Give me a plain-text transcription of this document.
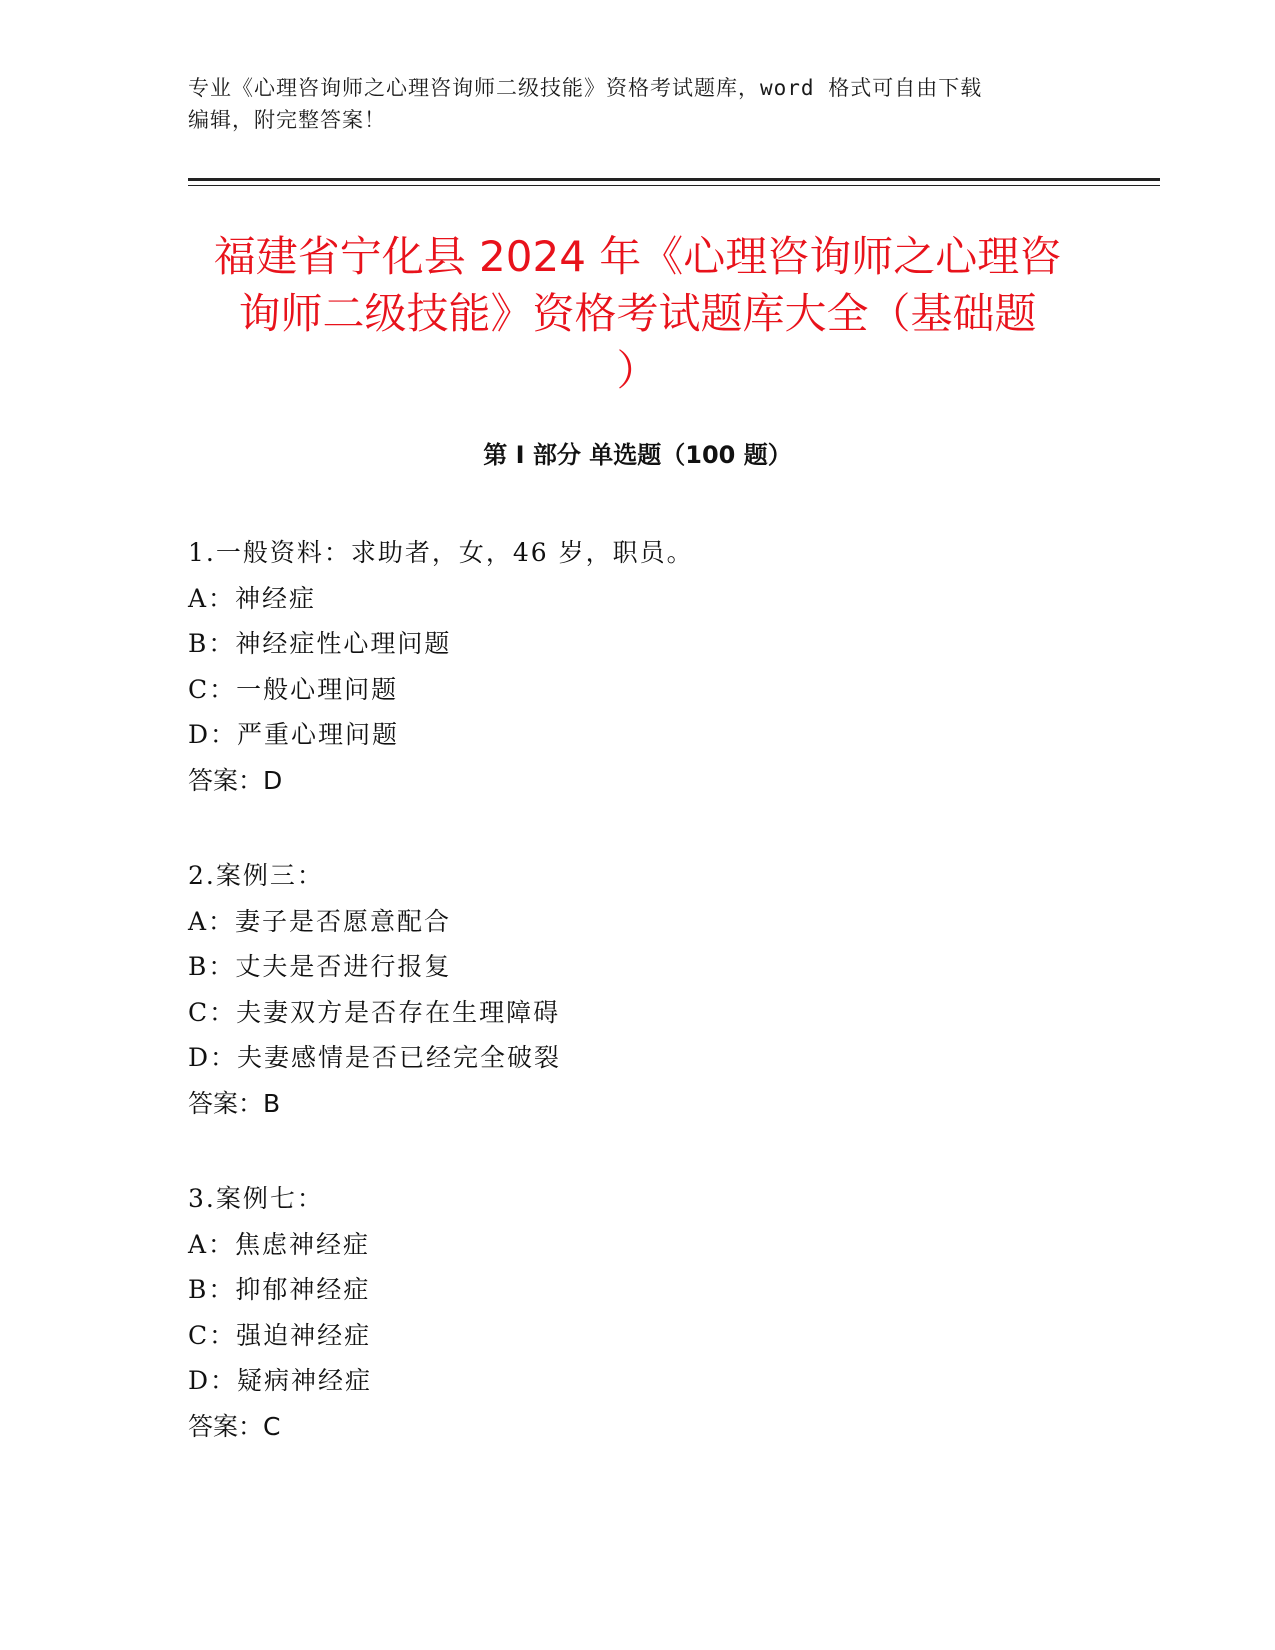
专业《心理咨询师之心理咨询师二级技能》资格考试题库，word 格式可自由下载
编辑，附完整答案！
福建省宁化县 2024 年《心理咨询师之心理咨
询师二级技能》资格考试题库大全（基础题
）
第 I 部分 单选题（100 题）
1.一般资料：求助者，女，46 岁，职员。
A：神经症
B：神经症性心理问题
C：一般心理问题
D：严重心理问题
答案：D
2.案例三：
A：妻子是否愿意配合
B：丈夫是否进行报复
C：夫妻双方是否存在生理障碍
D：夫妻感情是否已经完全破裂
答案：B
3.案例七：
A：焦虑神经症
B：抑郁神经症
C：强迫神经症
D：疑病神经症
答案：C
